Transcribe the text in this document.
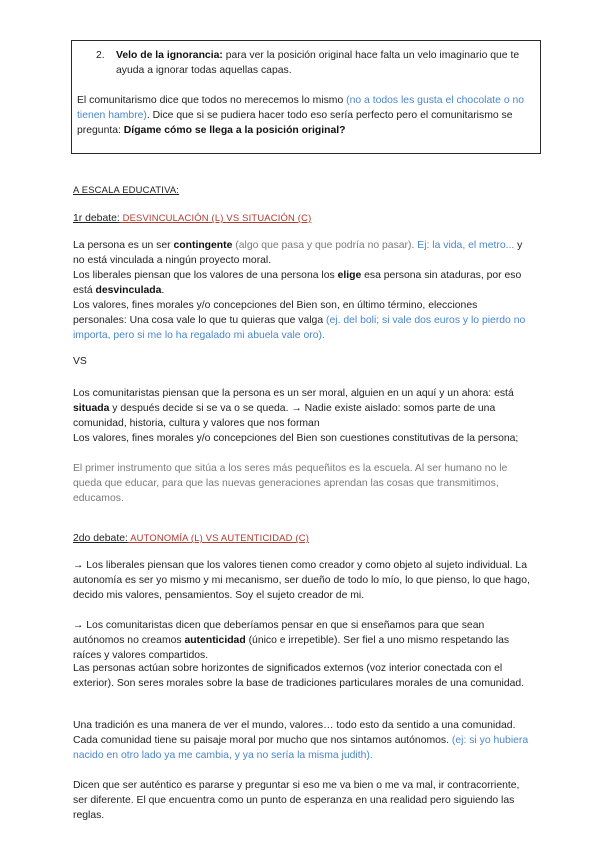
2. Velo de la ignorancia: para ver la posición original hace falta un velo imaginario que te ayuda a ignorar todas aquellas capas.
El comunitarismo dice que todos no merecemos lo mismo (no a todos les gusta el chocolate o no tienen hambre). Dice que si se pudiera hacer todo eso sería perfecto pero el comunitarismo se pregunta: Dígame cómo se llega a la posición original?
A ESCALA EDUCATIVA:
1r debate: DESVINCULACIÓN (L) VS SITUACIÓN (C)
La persona es un ser contingente (algo que pasa y que podría no pasar). Ej: la vida, el metro... y no está vinculada a ningún proyecto moral.
Los liberales piensan que los valores de una persona los elige esa persona sin ataduras, por eso está desvinculada.
Los valores, fines morales y/o concepciones del Bien son, en último término, elecciones personales: Una cosa vale lo que tu quieras que valga (ej. del boli; si vale dos euros y lo pierdo no importa, pero si me lo ha regalado mi abuela vale oro).
VS
Los comunitaristas piensan que la persona es un ser moral, alguien en un aquí y un ahora: está situada y después decide si se va o se queda. → Nadie existe aislado: somos parte de una comunidad, historia, cultura y valores que nos forman
Los valores, fines morales y/o concepciones del Bien son cuestiones constitutivas de la persona;
El primer instrumento que sitúa a los seres más pequeñitos es la escuela. Al ser humano no le queda que educar, para que las nuevas generaciones aprendan las cosas que transmitimos, educamos.
2do debate: AUTONOMÍA (L) VS AUTENTICIDAD (C)
→ Los liberales piensan que los valores tienen como creador y como objeto al sujeto individual. La autonomía es ser yo mismo y mi mecanismo, ser dueño de todo lo mío, lo que pienso, lo que hago, decido mis valores, pensamientos. Soy el sujeto creador de mi.
→ Los comunitaristas dicen que deberíamos pensar en que si enseñamos para que sean autónomos no creamos autenticidad (único e irrepetible). Ser fiel a uno mismo respetando las raíces y valores compartidos.
Las personas actúan sobre horizontes de significados externos (voz interior conectada con el exterior). Son seres morales sobre la base de tradiciones particulares morales de una comunidad.
Una tradición es una manera de ver el mundo, valores… todo esto da sentido a una comunidad. Cada comunidad tiene su paisaje moral por mucho que nos sintamos autónomos. (ej: si yo hubiera nacido en otro lado ya me cambia, y ya no sería la misma judith).
Dicen que ser auténtico es pararse y preguntar si eso me va bien o me va mal, ir contracorriente, ser diferente. El que encuentra como un punto de esperanza en una realidad pero siguiendo las reglas.
